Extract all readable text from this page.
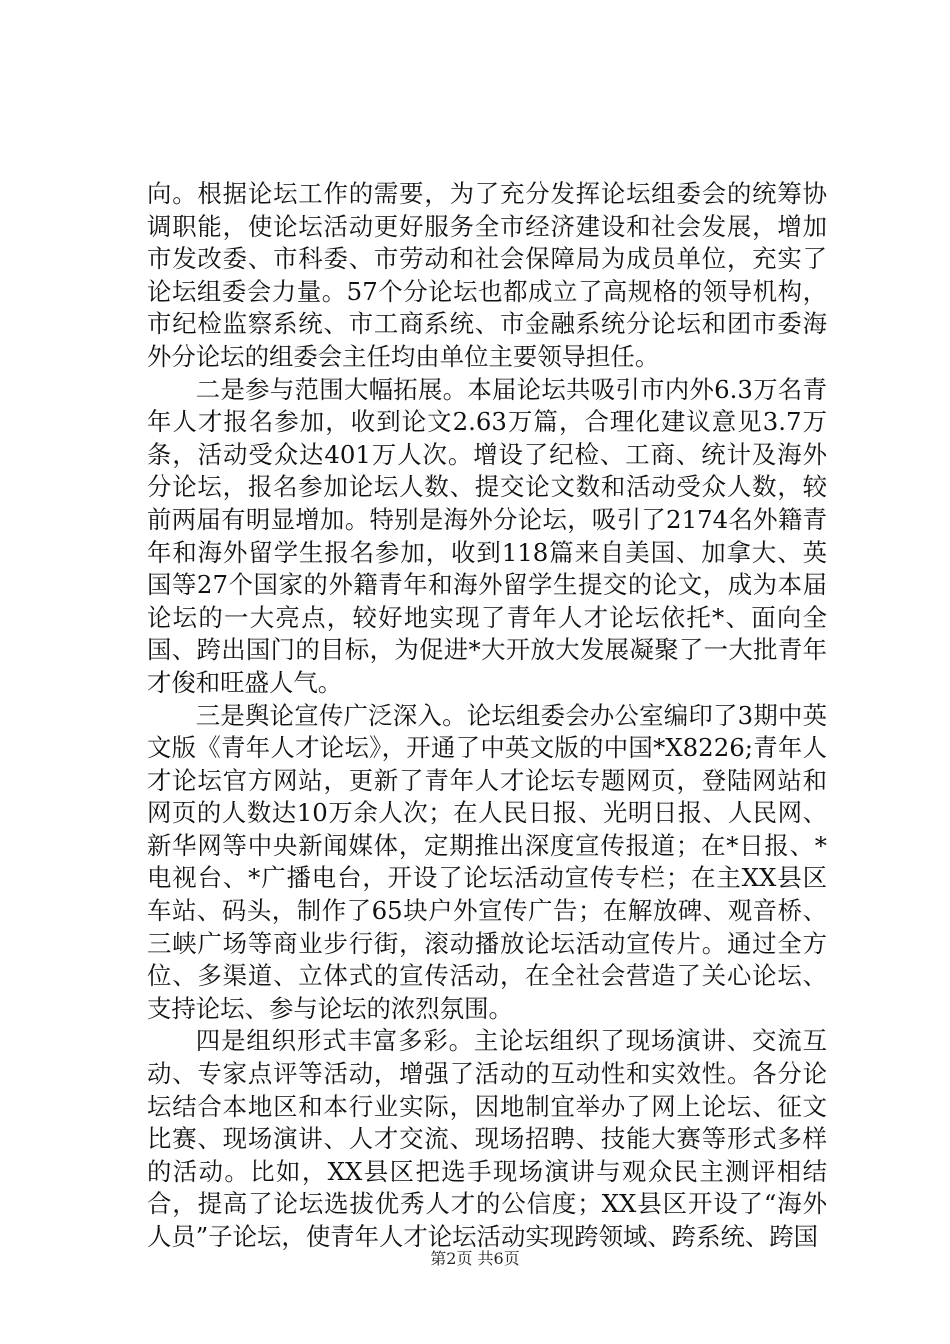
向。根据论坛工作的需要，为了充分发挥论坛组委会的统筹协调职能，使论坛活动更好服务全市经济建设和社会发展，增加市发改委、市科委、市劳动和社会保障局为成员单位，充实了论坛组委会力量。57个分论坛也都成立了高规格的领导机构，市纪检监察系统、市工商系统、市金融系统分论坛和团市委海外分论坛的组委会主任均由单位主要领导担任。

二是参与范围大幅拓展。本届论坛共吸引市内外6.3万名青年人才报名参加，收到论文2.63万篇，合理化建议意见3.7万条，活动受众达401万人次。增设了纪检、工商、统计及海外分论坛，报名参加论坛人数、提交论文数和活动受众人数，较前两届有明显增加。特别是海外分论坛，吸引了2174名外籍青年和海外留学生报名参加，收到118篇来自美国、加拿大、英国等27个国家的外籍青年和海外留学生提交的论文，成为本届论坛的一大亮点，较好地实现了青年人才论坛依托*、面向全国、跨出国门的目标，为促进*大开放大发展凝聚了一大批青年才俊和旺盛人气。

三是舆论宣传广泛深入。论坛组委会办公室编印了3期中英文版《青年人才论坛》，开通了中英文版的中国*X8226;青年人才论坛官方网站，更新了青年人才论坛专题网页，登陆网站和网页的人数达10万余人次；在人民日报、光明日报、人民网、新华网等中央新闻媒体，定期推出深度宣传报道；在*日报、*电视台、*广播电台，开设了论坛活动宣传专栏；在主XX县区车站、码头，制作了65块户外宣传广告；在解放碑、观音桥、三峡广场等商业步行街，滚动播放论坛活动宣传片。通过全方位、多渠道、立体式的宣传活动，在全社会营造了关心论坛、支持论坛、参与论坛的浓烈氛围。

四是组织形式丰富多彩。主论坛组织了现场演讲、交流互动、专家点评等活动，增强了活动的互动性和实效性。各分论坛结合本地区和本行业实际，因地制宜举办了网上论坛、征文比赛、现场演讲、人才交流、现场招聘、技能大赛等形式多样的活动。比如，XX县区把选手现场演讲与观众民主测评相结合，提高了论坛选拔优秀人才的公信度；XX县区开设了“海外人员”子论坛，使青年人才论坛活动实现跨领域、跨系统、跨国

第2页 共6页
